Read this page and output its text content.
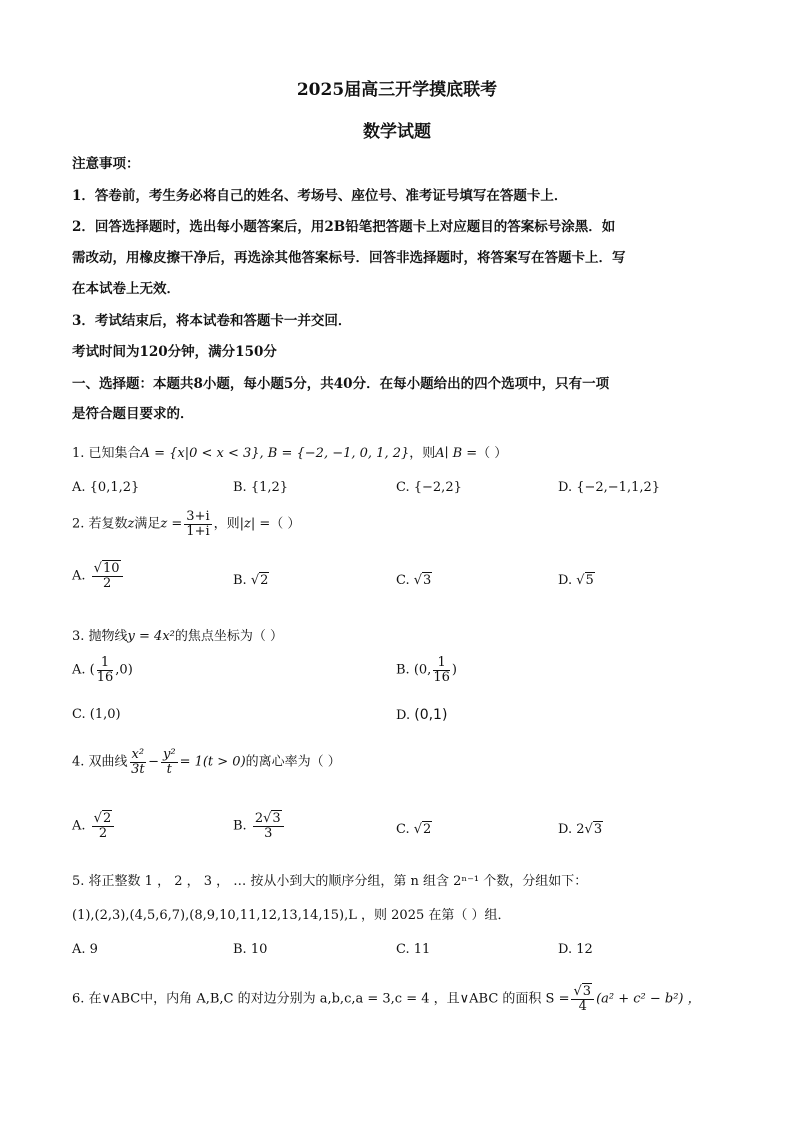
2025届高三开学摸底联考
数学试题
注意事项：
1．答卷前，考生务必将自己的姓名、考场号、座位号、准考证号填写在答题卡上．
2．回答选择题时，选出每小题答案后，用2B铅笔把答题卡上对应题目的答案标号涂黑．如
需改动，用橡皮擦干净后，再选涂其他答案标号．回答非选择题时，将答案写在答题卡上．写
在本试卷上无效．
3．考试结束后，将本试卷和答题卡一并交回．
考试时间为120分钟，满分150分
一、选择题：本题共8小题，每小题5分，共40分．在每小题给出的四个选项中，只有一项
是符合题目要求的．
1. 已知集合A = {x|0 < x < 3}, B = {−2, −1, 0, 1, 2}，则A∣ B =（ ）
A. {0,1,2}	B. {1,2}	C. {−2,2}	D. {−2,−1,1,2}
2. 若复数z满足$z = \frac{3+i}{1+i}$ ，则|z| =（ ）
A. $\frac{√10}{2}$	B. √2	C. √3	D. √5
3. 抛物线y = 4x²的焦点坐标为（ ）
A. ( $\frac{1}{16} ,0$)	B. (0, $\frac{1}{16}$ )
C. (1,0)	D. (0,1)
4. 双曲线 $\frac{\text{x²}}{3t} - \frac{\text{y²}}{t} = 1(t > 0)$的离心率为（ ）
A. $\frac{√2}{2}$	B. $\frac{2√3}{3}$	C. √2	D. 2√3
5. 将正整数 1 ， 2 ， 3 ， … 按从小到大的顺序分组，第 n 组含 2ⁿ⁻¹ 个数，分组如下：
(1),(2,3),(4,5,6,7),(8,9,10,11,12,13,14,15),L ，则 2025 在第（ ）组．
A. 9	B. 10	C. 11	D. 12
6. 在∨ABC中，内角 A,B,C 的对边分别为 a,b,c,a = 3,c = 4 ，且∨ABC 的面积 $S = \frac{√3}{4} (a^2 + c^2 - b^2)$ ，
